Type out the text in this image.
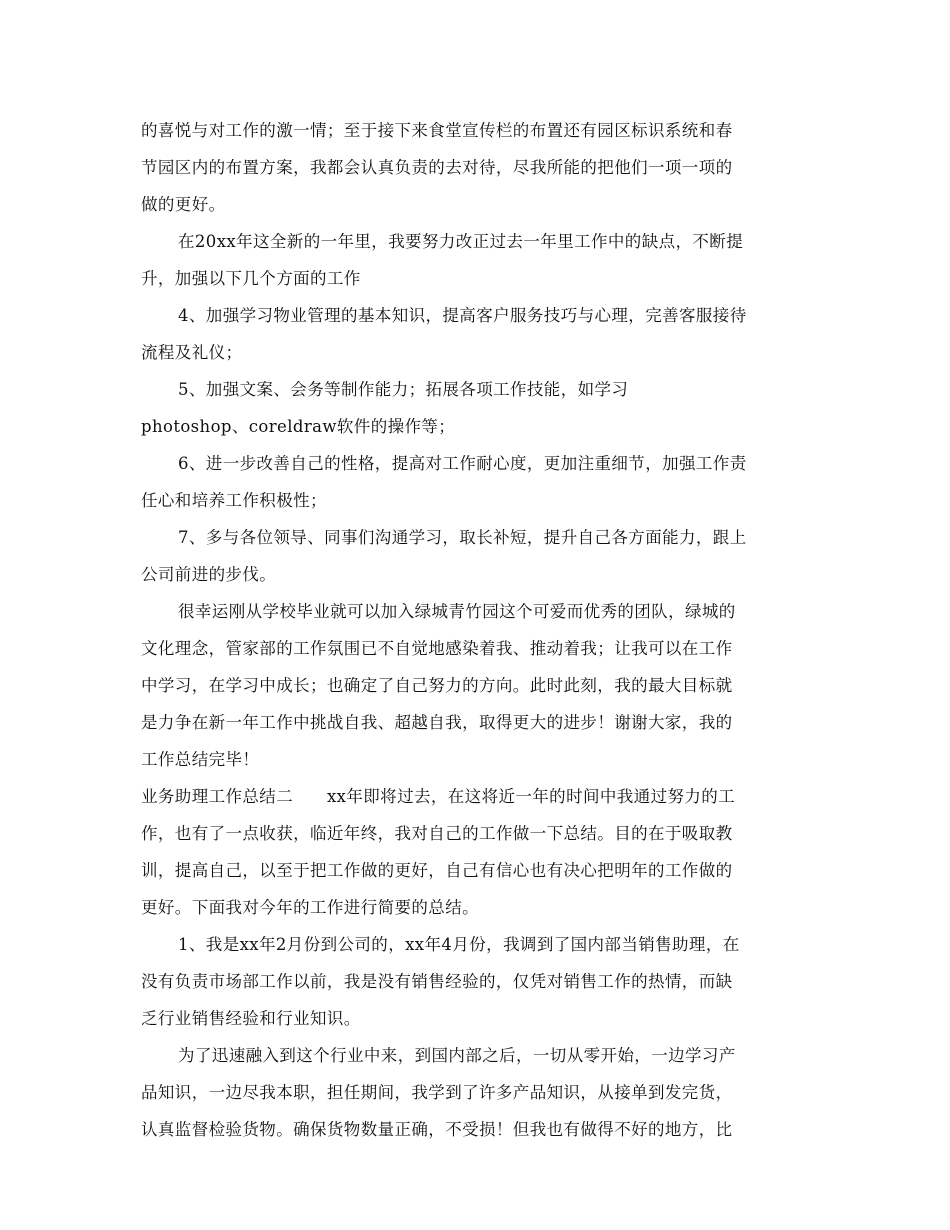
的喜悦与对工作的激一情；至于接下来食堂宣传栏的布置还有园区标识系统和春
节园区内的布置方案，我都会认真负责的去对待，尽我所能的把他们一项一项的
做的更好。
在20xx年这全新的一年里，我要努力改正过去一年里工作中的缺点，不断提
升，加强以下几个方面的工作
4、加强学习物业管理的基本知识，提高客户服务技巧与心理，完善客服接待
流程及礼仪；
5、加强文案、会务等制作能力；拓展各项工作技能，如学习
photoshop、coreldraw软件的操作等；
6、进一步改善自己的性格，提高对工作耐心度，更加注重细节，加强工作责
任心和培养工作积极性；
7、多与各位领导、同事们沟通学习，取长补短，提升自己各方面能力，跟上
公司前进的步伐。
很幸运刚从学校毕业就可以加入绿城青竹园这个可爱而优秀的团队，绿城的
文化理念，管家部的工作氛围已不自觉地感染着我、推动着我；让我可以在工作
中学习，在学习中成长；也确定了自己努力的方向。此时此刻，我的最大目标就
是力争在新一年工作中挑战自我、超越自我，取得更大的进步！谢谢大家，我的
工作总结完毕！
业务助理工作总结二      xx年即将过去，在这将近一年的时间中我通过努力的工
作，也有了一点收获，临近年终，我对自己的工作做一下总结。目的在于吸取教
训，提高自己，以至于把工作做的更好，自己有信心也有决心把明年的工作做的
更好。下面我对今年的工作进行简要的总结。
1、我是xx年2月份到公司的，xx年4月份，我调到了国内部当销售助理，在
没有负责市场部工作以前，我是没有销售经验的，仅凭对销售工作的热情，而缺
乏行业销售经验和行业知识。
为了迅速融入到这个行业中来，到国内部之后，一切从零开始，一边学习产
品知识，一边尽我本职，担任期间，我学到了许多产品知识，从接单到发完货，
认真监督检验货物。确保货物数量正确，不受损！但我也有做得不好的地方，比
